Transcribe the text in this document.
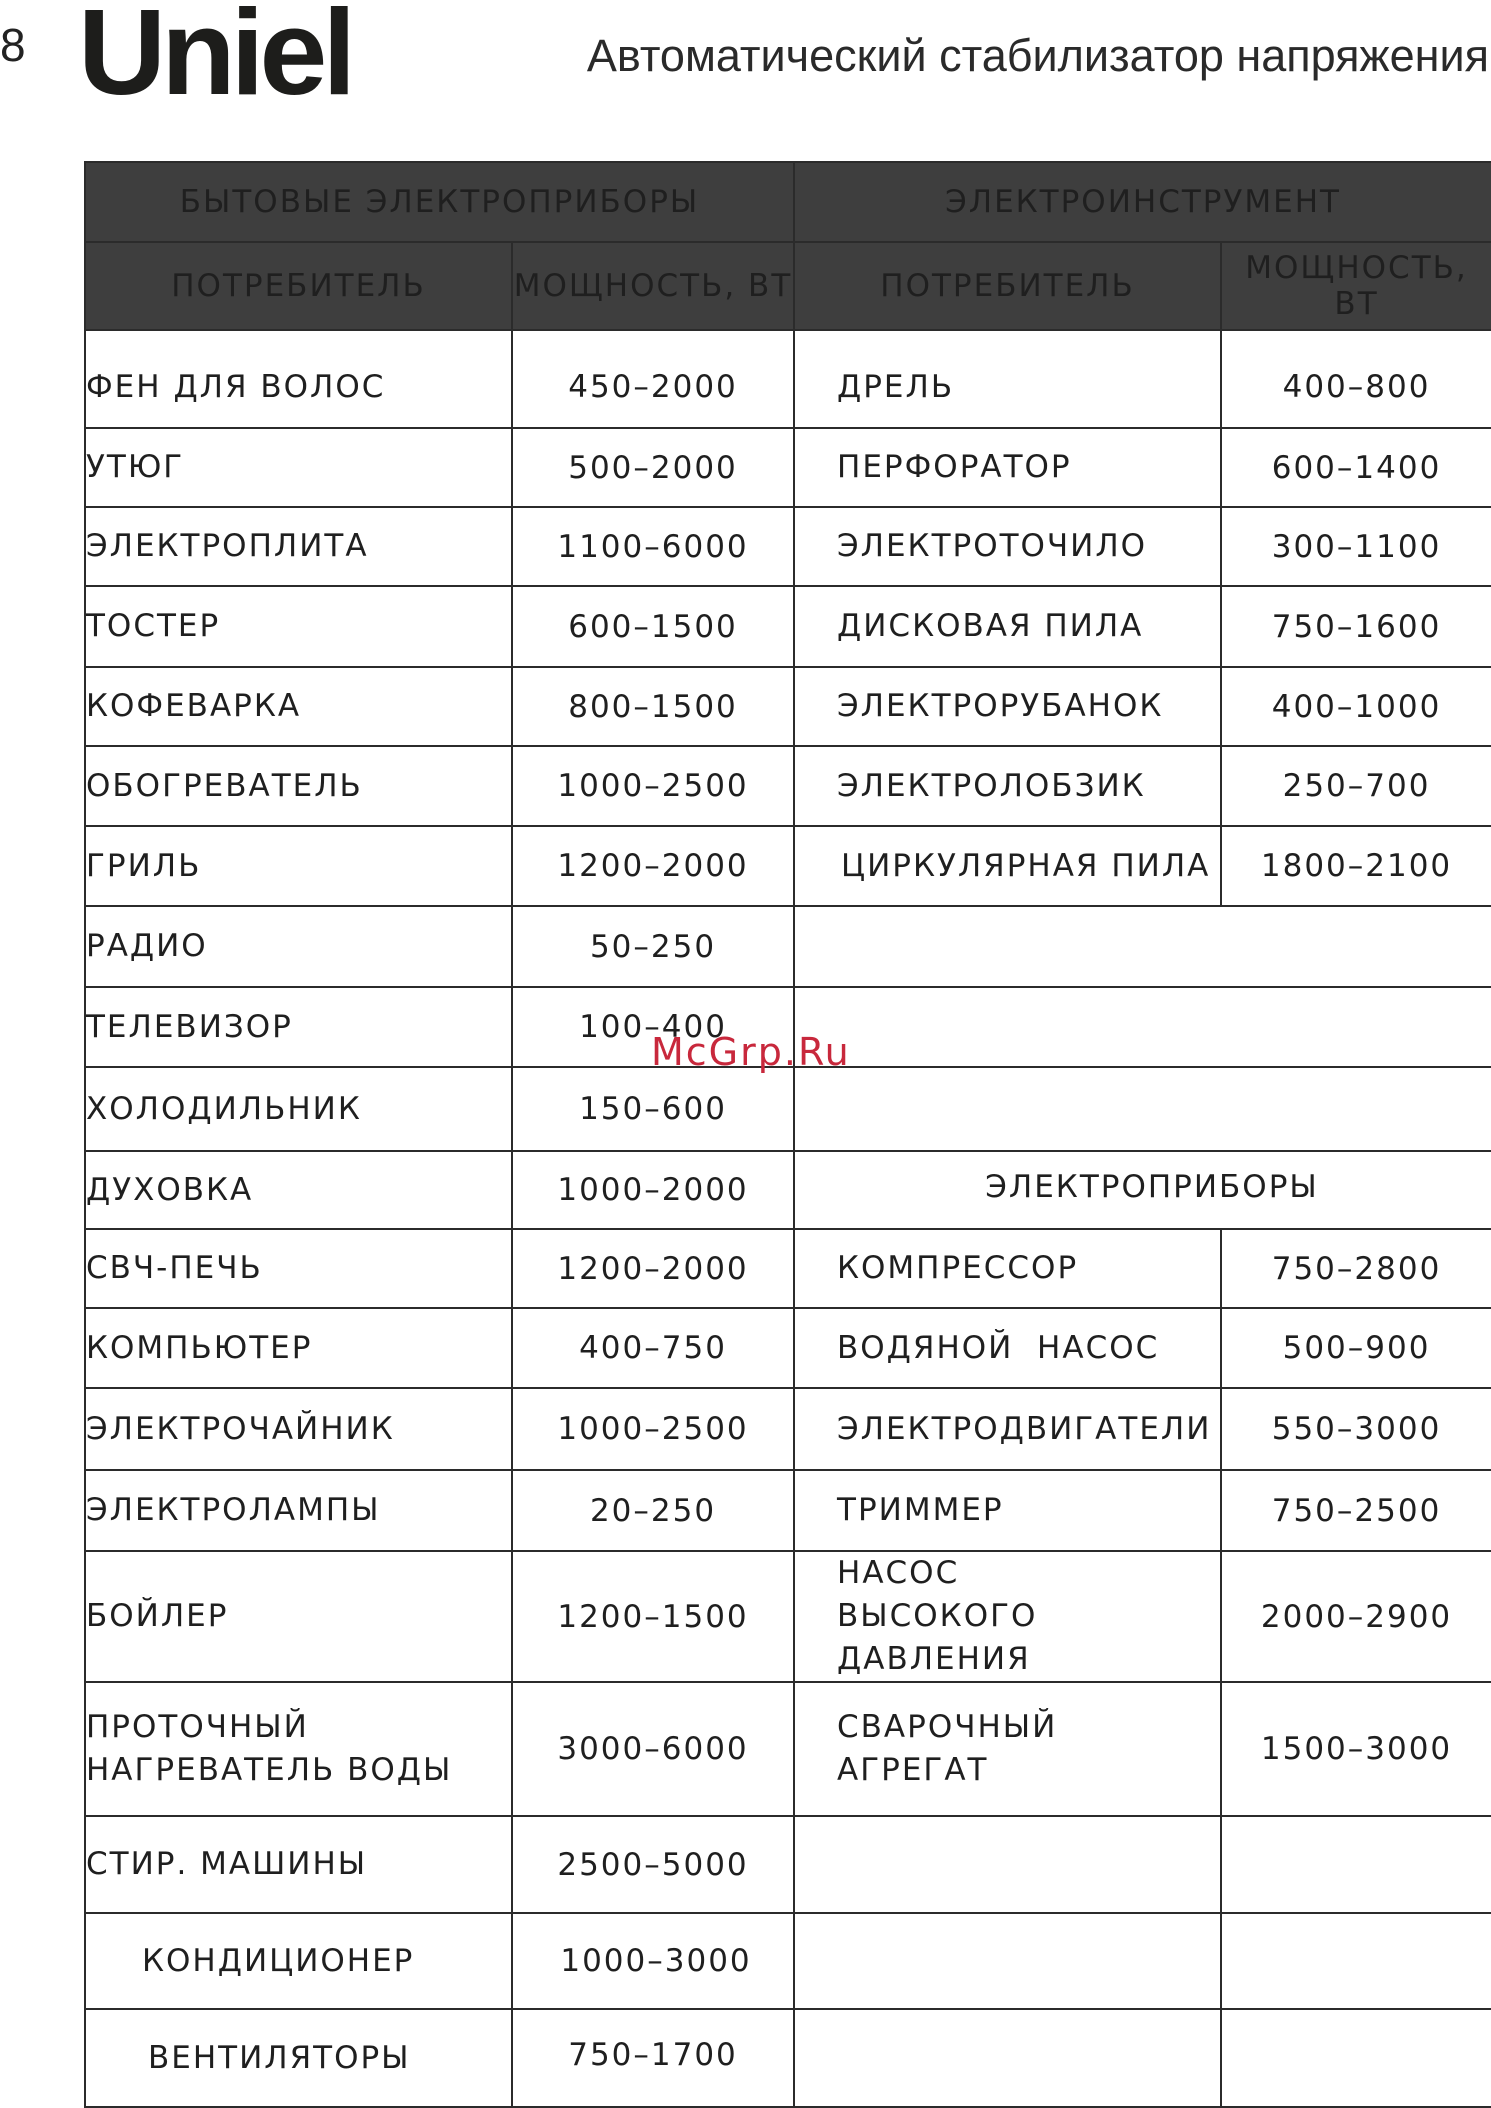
8 Uniel	Автоматический стабилизатор напряжения
БЫТОВЫЕ ЭЛЕКТРОПРИБОРЫ		ЭЛЕКТРОИНСТРУМЕНТ	
ПОТРЕБИТЕЛЬ	МОЩНОСТЬ, ВТ	ПОТРЕБИТЕЛЬ	МОЩНОСТЬ, ВТ
ФЕН ДЛЯ ВОЛОС	450–2000	ДРЕЛЬ	400–800
УТЮГ	500–2000	ПЕРФОРАТОР	600–1400
ЭЛЕКТРОПЛИТА	1100–6000	ЭЛЕКТРОТОЧИЛО	300–1100
ТОСТЕР	600–1500	ДИСКОВАЯ ПИЛА	750–1600
КОФЕВАРКА	800–1500	ЭЛЕКТРОРУБАНОК	400–1000
ОБОГРЕВАТЕЛЬ	1000–2500	ЭЛЕКТРОЛОБЗИК	250–700
ГРИЛЬ	1200–2000	ЦИРКУЛЯРНАЯ ПИЛА	1800–2100
РАДИО	50–250		
ТЕЛЕВИЗОР	100–400		
ХОЛОДИЛЬНИК	150–600		
ДУХОВКА	1000–2000	ЭЛЕКТРОПРИБОРЫ	
СВЧ-ПЕЧЬ	1200–2000	КОМПРЕССОР	750–2800
КОМПЬЮТЕР	400–750	ВОДЯНОЙ  НАСОС	500–900
ЭЛЕКТРОЧАЙНИК	1000–2500	ЭЛЕКТРОДВИГАТЕЛИ	550–3000
ЭЛЕКТРОЛАМПЫ	20–250	ТРИММЕР	750–2500
БОЙЛЕР	1200–1500	НАСОС ВЫСОКОГО ДАВЛЕНИЯ	2000–2900
ПРОТОЧНЫЙ НАГРЕВАТЕЛЬ ВОДЫ	3000–6000	СВАРОЧНЫЙ АГРЕГАТ	1500–3000
СТИР. МАШИНЫ	2500–5000		
КОНДИЦИОНЕР	1000–3000		
ВЕНТИЛЯТОРЫ	750–1700		
McGrp.Ru
